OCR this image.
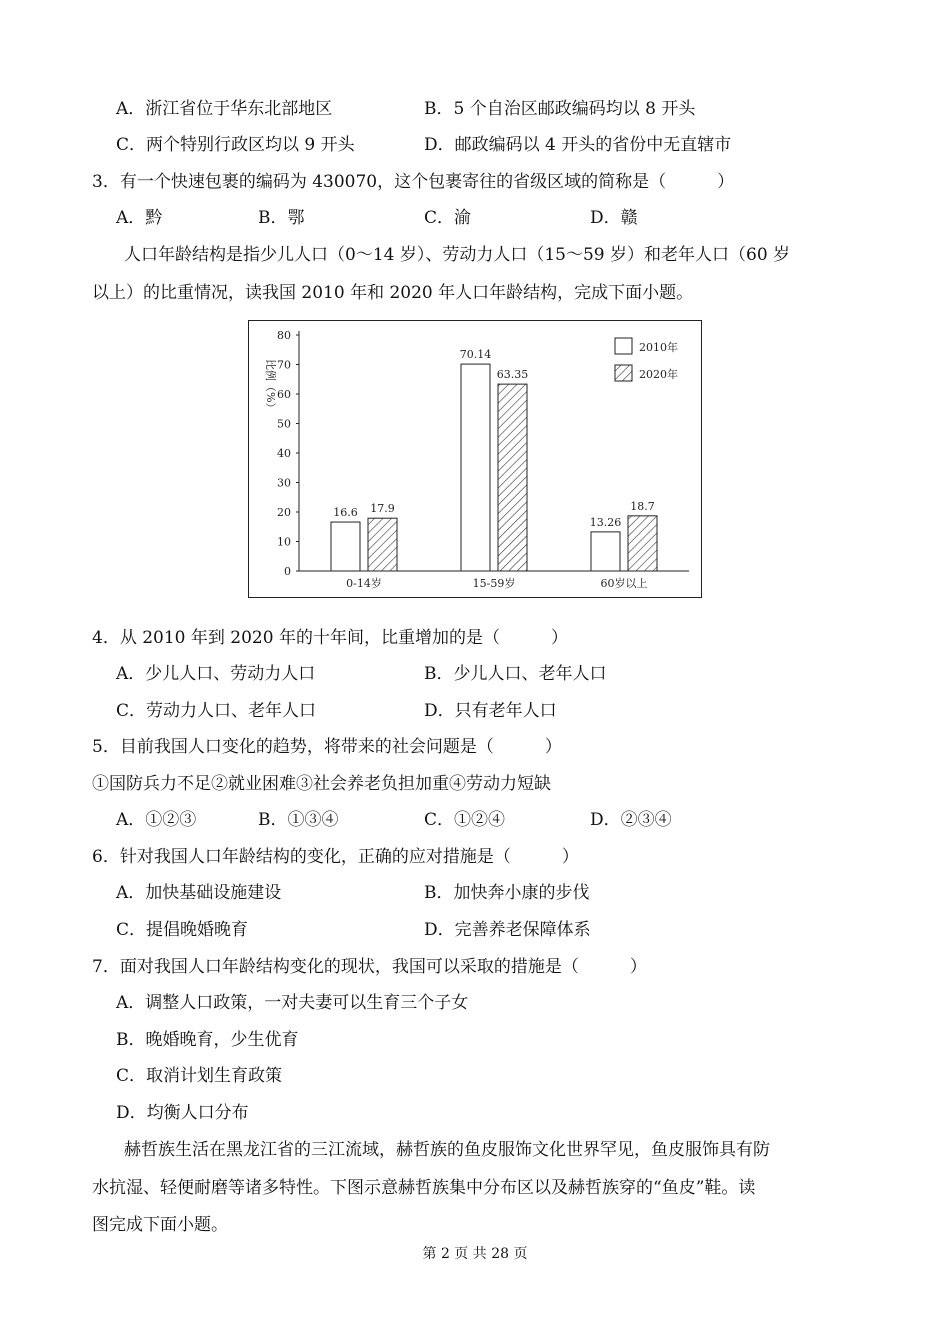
A．浙江省位于华东北部地区	B．5 个自治区邮政编码均以 8 开头
C．两个特别行政区均以 9 开头	D．邮政编码以 4 开头的省份中无直辖市
3．有一个快速包裹的编码为 430070，这个包裹寄往的省级区域的简称是（　　　）
A．黔	B．鄂	C．渝	D．赣
人口年龄结构是指少儿人口（0～14 岁）、劳动力人口（15～59 岁）和老年人口（60 岁
以上）的比重情况，读我国 2010 年和 2020 年人口年龄结构，完成下面小题。
0
10
20
30
40
50
60
70
80
0-14岁	15-59岁	60岁以上
16.6 17.9
70.14
63.35
13.26
18.7
比例（%）
2010年
2020年
4．从 2010 年到 2020 年的十年间，比重增加的是（　　　）
A．少儿人口、劳动力人口	B．少儿人口、老年人口
C．劳动力人口、老年人口	D．只有老年人口
5．目前我国人口变化的趋势，将带来的社会问题是（　　　）
①国防兵力不足②就业困难③社会养老负担加重④劳动力短缺
A．①②③	B．①③④	C．①②④	D．②③④
6．针对我国人口年龄结构的变化，正确的应对措施是（　　　）
A．加快基础设施建设	B．加快奔小康的步伐
C．提倡晚婚晚育	D．完善养老保障体系
7．面对我国人口年龄结构变化的现状，我国可以采取的措施是（　　　）
A．调整人口政策，一对夫妻可以生育三个子女
B．晚婚晚育，少生优育
C．取消计划生育政策
D．均衡人口分布
赫哲族生活在黑龙江省的三江流域，赫哲族的鱼皮服饰文化世界罕见，鱼皮服饰具有防
水抗湿、轻便耐磨等诸多特性。下图示意赫哲族集中分布区以及赫哲族穿的“鱼皮”鞋。读
图完成下面小题。
第 2 页 共 28 页
